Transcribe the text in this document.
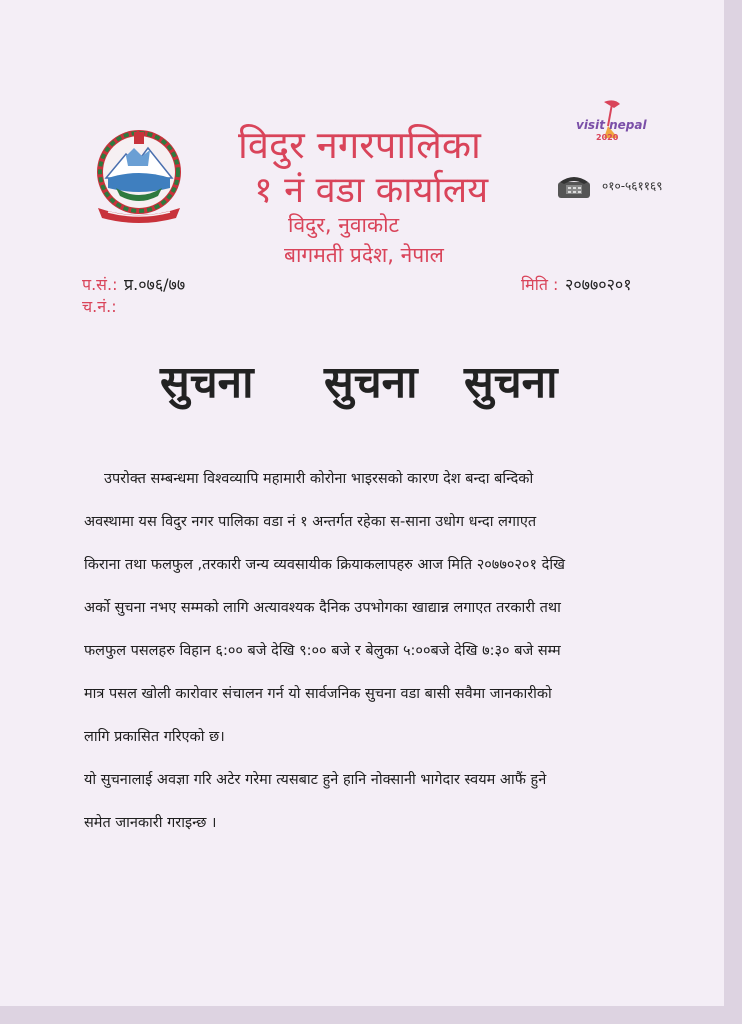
विदुर नगरपालिका
१ नं वडा कार्यालय
विदुर, नुवाकोट
बागमती प्रदेश, नेपाल
visit nepal
2020
०१०-५६११६९
प.सं.: प्र.०७६/७७
च.नं.:
मिति : २०७७०२०१
सुचना सुचना सुचना
उपरोक्त सम्बन्धमा विश्वव्यापि महामारी कोरोना भाइरसको कारण देश बन्दा बन्दिको
अवस्थामा यस विदुर नगर पालिका वडा नं १ अन्तर्गत रहेका स-साना उधोग धन्दा लगाएत
किराना तथा फलफुल ,तरकारी जन्य व्यवसायीक क्रियाकलापहरु आज मिति २०७७०२०१ देखि
अर्को सुचना नभए सम्मको लागि अत्यावश्यक दैनिक उपभोगका खाद्यान्न लगाएत तरकारी तथा
फलफुल पसलहरु विहान ६:०० बजे देखि ९:०० बजे र बेलुका ५:००बजे देखि ७:३० बजे सम्म
मात्र पसल खोली कारोवार संचालन गर्न यो सार्वजनिक सुचना वडा बासी सवैमा जानकारीको
लागि प्रकासित गरिएको छ।
यो सुचनालाई अवज्ञा गरि अटेर गरेमा त्यसबाट हुने हानि नोक्सानी भागेदार स्वयम आफैं हुने
समेत जानकारी गराइन्छ ।
